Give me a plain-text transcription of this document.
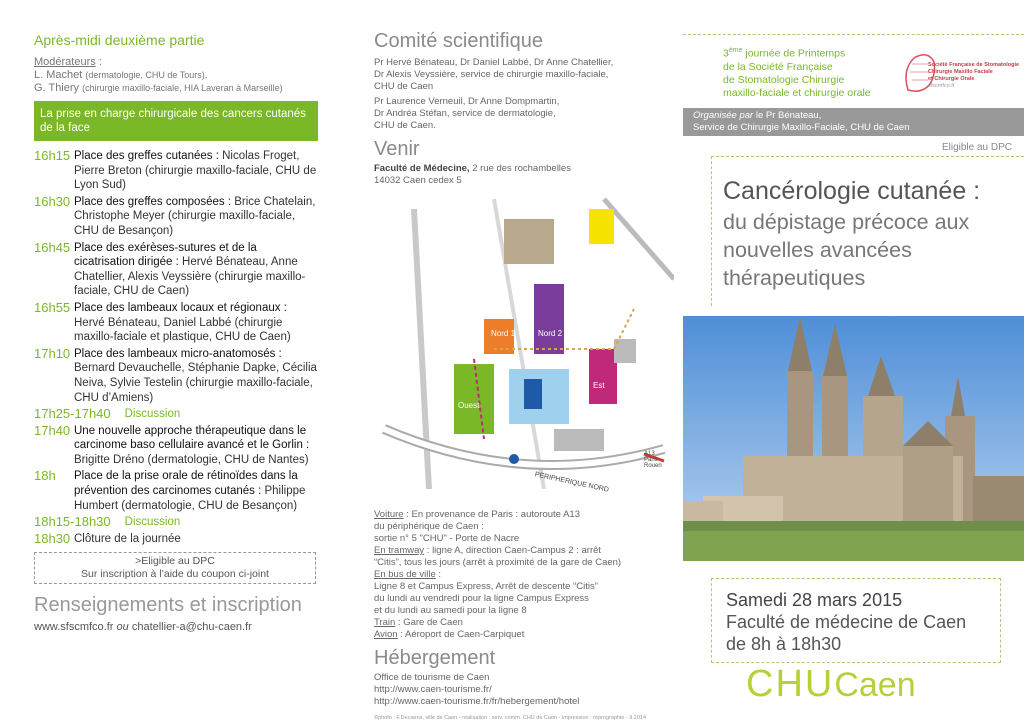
Après-midi deuxième partie
Modérateurs :
L. Machet (dermatologie, CHU de Tours),
G. Thiery (chirurgie maxillo-faciale, HIA Laveran à Marseille)
La prise en charge chirurgicale des cancers cutanés de la face
16h15 Place des greffes cutanées : Nicolas Froget, Pierre Breton (chirurgie maxillo-faciale, CHU de Lyon Sud)
16h30 Place des greffes composées : Brice Chatelain, Christophe Meyer (chirurgie maxillo-faciale, CHU de Besançon)
16h45 Place des exérèses-sutures et de la cicatrisation dirigée : Hervé Bénateau, Anne Chatellier, Alexis Veyssière (chirurgie maxillo-faciale, CHU de Caen)
16h55 Place des lambeaux locaux et régionaux : Hervé Bénateau, Daniel Labbé (chirurgie maxillo-faciale et plastique, CHU de Caen)
17h10 Place des lambeaux micro-anatomosés : Bernard Devauchelle, Stéphanie Dapke, Cécilia Neiva, Sylvie Testelin (chirurgie maxillo-faciale, CHU d’Amiens)
17h25-17h40 Discussion
17h40 Une nouvelle approche thérapeutique dans le carcinome baso cellulaire avancé et le Gorlin : Brigitte Dréno (dermatologie, CHU de Nantes)
18h	Place de la prise orale de rétinoïdes dans la prévention des carcinomes cutanés : Philippe Humbert (dermatologie, CHU de Besançon)
18h15-18h30 Discussion
18h30 Clôture de la journée
>Eligible au DPC
Sur inscription à l’aide du coupon ci-joint
Renseignements et inscription
www.sfscmfco.fr ou chatellier-a@chu-caen.fr
Comité scientifique

Pr Hervé Bénateau, Dr Daniel Labbé, Dr Anne Chatellier,

Dr Alexis Veyssière, service de chirurgie maxillo-faciale,

CHU de Caen

Pr Laurence Verneuil, Dr Anne Dompmartin,

Dr Andréa Stéfan, service de dermatologie,

CHU de Caen.

Venir

Faculté de Médecine, 2 rue des rochambelles

14032 Caen cedex 5

Nord 1	Nord 2
Ouest
Est
PERIPHERIQUE NORD
A13 Paris Rouen

Voiture : En provenance de Paris : autoroute A13

du périphérique de Caen :

sortie n° 5 "CHU" - Porte de Nacre

En tramway : ligne A, direction Caen-Campus 2 : arrêt

“Citis”, tous les jours (arrêt à proximité de la gare de Caen)

En bus de ville :

Ligne 8 et Campus Express, Arrêt de descente “Citis”

du lundi au vendredi pour la ligne Campus Express

et du lundi au samedi pour la ligne 8

Train : Gare de Caen

Avion : Aéroport de Caen-Carpiquet

Hébergement

Office de tourisme de Caen

http://www.caen-tourisme.fr/

http://www.caen-tourisme.fr/fr/hebergement/hotel

©photo : F.Decaens, ville de Caen - réalisation : serv. comm. CHU de Caen - impression : reprographie - 9.2014

3ème journée de Printemps
de la Société Française
de Stomatologie Chirurgie
maxillo-faciale et chirurgie orale
Société Française de Stomatologie
Chirurgie Maxillo Faciale
et Chirurgie Orale
sfscmfco.fr
Organisée par le Pr Bénateau,
Service de Chirurgie Maxillo-Faciale, CHU de Caen
Eligible au DPC
Cancérologie cutanée :
du dépistage précoce aux nouvelles avancées thérapeutiques
Samedi 28 mars 2015
Faculté de médecine de Caen
de 8h à 18h30
CHUCaen
